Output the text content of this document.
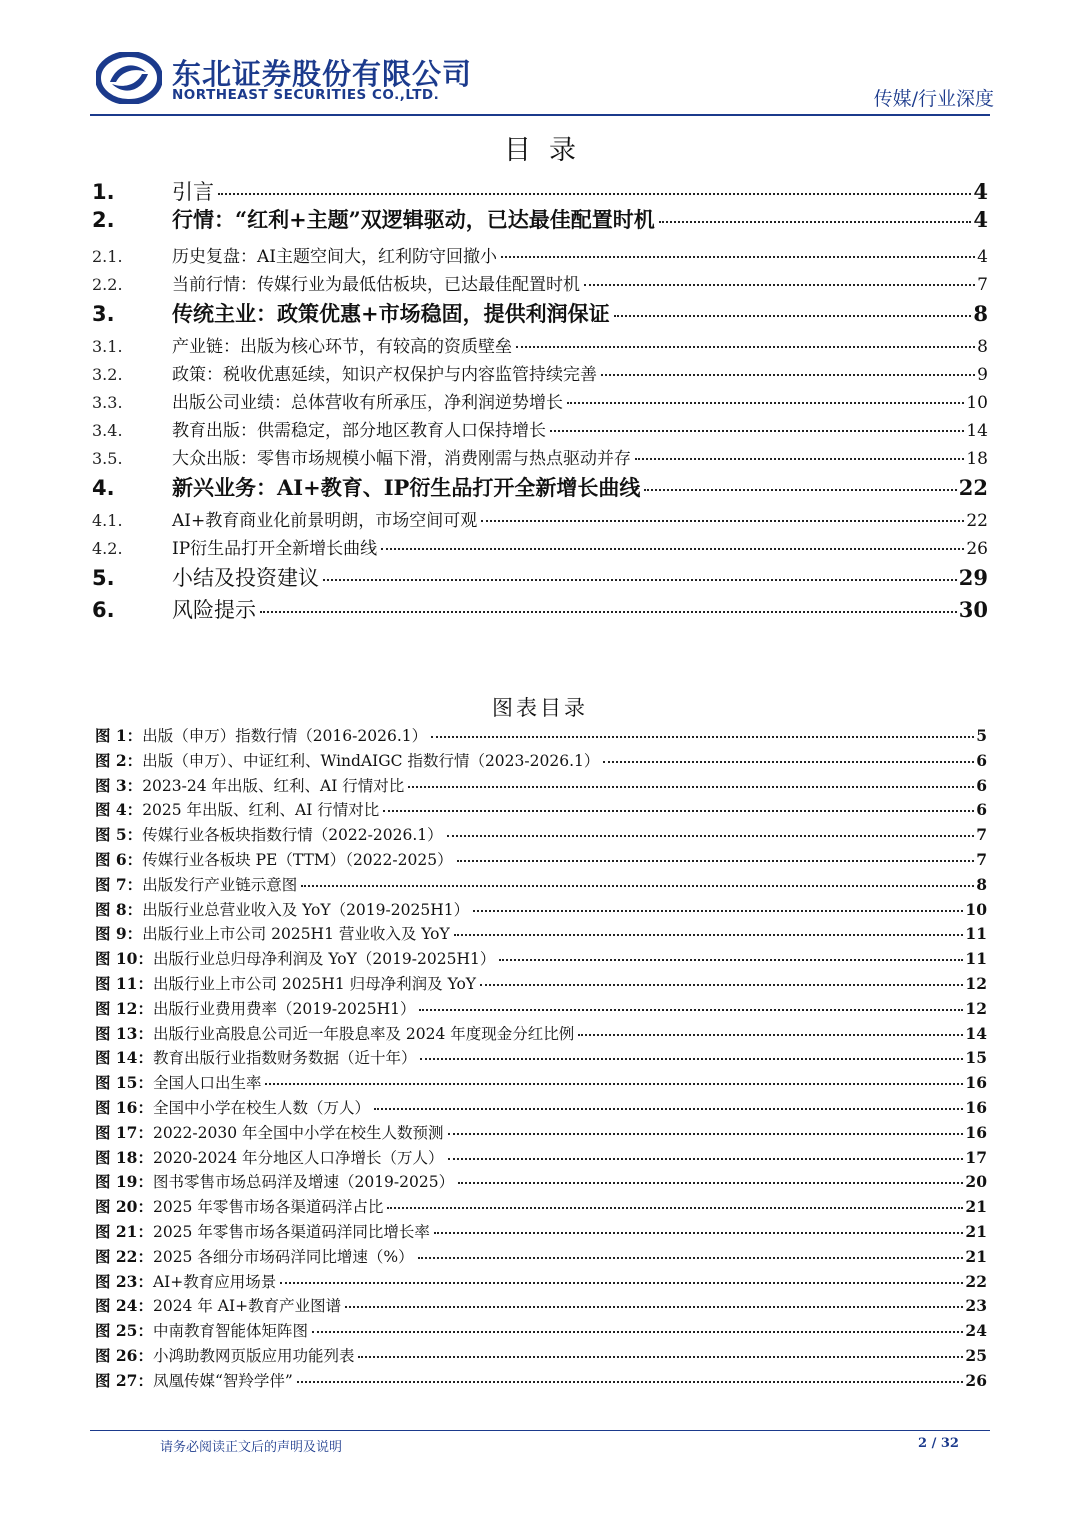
东北证券股份有限公司
NORTHEAST SECURITIES CO.,LTD.	传媒/行业深度
目录
1.	引言	4
2.	行情：“红利+主题”双逻辑驱动，已达最佳配置时机	4
2.1.	历史复盘：AI主题空间大，红利防守回撤小	4
2.2.	当前行情：传媒行业为最低估板块，已达最佳配置时机	7
3.	传统主业：政策优惠+市场稳固，提供利润保证	8
3.1.	产业链：出版为核心环节，有较高的资质壁垒	8
3.2.	政策：税收优惠延续，知识产权保护与内容监管持续完善	9
3.3.	出版公司业绩：总体营收有所承压，净利润逆势增长	10
3.4.	教育出版：供需稳定，部分地区教育人口保持增长	14
3.5.	大众出版：零售市场规模小幅下滑，消费刚需与热点驱动并存	18
4.	新兴业务：AI+教育、IP衍生品打开全新增长曲线	22
4.1.	AI+教育商业化前景明朗，市场空间可观	22
4.2.	IP衍生品打开全新增长曲线	26
5.	小结及投资建议	29
6.	风险提示	30
图表目录
图 1：出版（申万）指数行情（2016-2026.1）	5
图 2：出版（申万）、中证红利、WindAIGC 指数行情（2023-2026.1）	6
图 3：2023-24 年出版、红利、AI 行情对比	6
图 4：2025 年出版、红利、AI 行情对比	6
图 5：传媒行业各板块指数行情（2022-2026.1）	7
图 6：传媒行业各板块 PE（TTM）（2022-2025）	7
图 7：出版发行产业链示意图	8
图 8：出版行业总营业收入及 YoY（2019-2025H1）	10
图 9：出版行业上市公司 2025H1 营业收入及 YoY	11
图 10：出版行业总归母净利润及 YoY（2019-2025H1）	11
图 11：出版行业上市公司 2025H1 归母净利润及 YoY	12
图 12：出版行业费用费率（2019-2025H1）	12
图 13：出版行业高股息公司近一年股息率及 2024 年度现金分红比例	14
图 14：教育出版行业指数财务数据（近十年）	15
图 15：全国人口出生率	16
图 16：全国中小学在校生人数（万人）	16
图 17：2022-2030 年全国中小学在校生人数预测	16
图 18：2020-2024 年分地区人口净增长（万人）	17
图 19：图书零售市场总码洋及增速（2019-2025）	20
图 20：2025 年零售市场各渠道码洋占比	21
图 21：2025 年零售市场各渠道码洋同比增长率	21
图 22：2025 各细分市场码洋同比增速（%）	21
图 23：AI+教育应用场景	22
图 24：2024 年 AI+教育产业图谱	23
图 25：中南教育智能体矩阵图	24
图 26：小鸿助教网页版应用功能列表	25
图 27：凤凰传媒“智羚学伴”	26
请务必阅读正文后的声明及说明	2 / 32
